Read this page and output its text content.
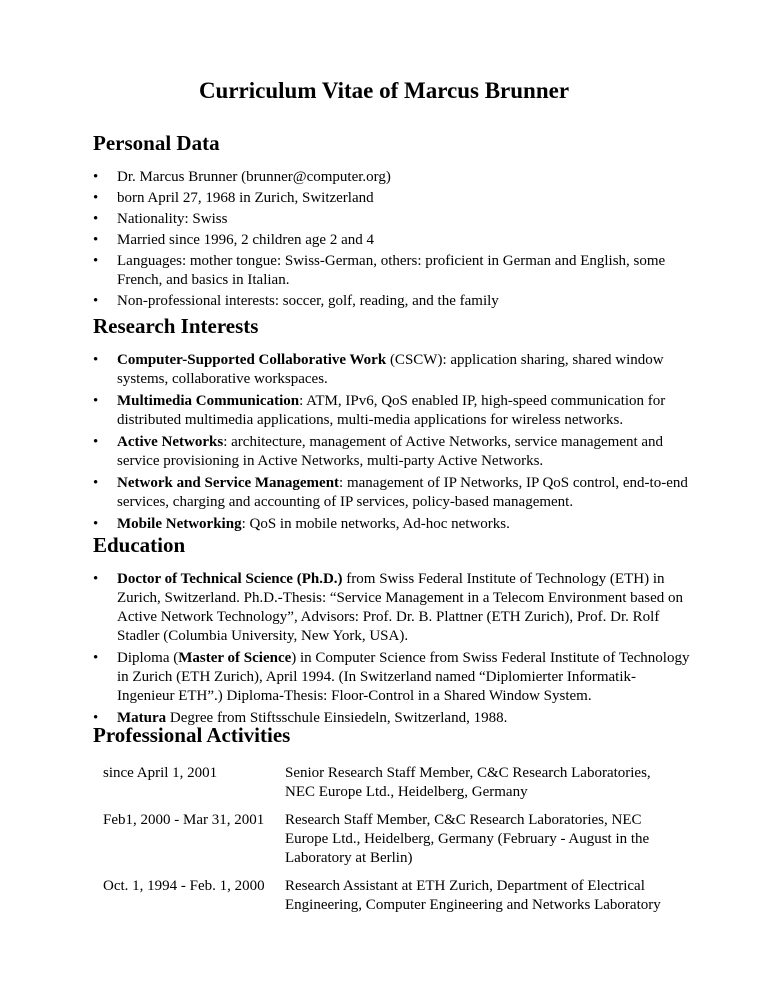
Curriculum Vitae of Marcus Brunner
Personal Data
•	Dr. Marcus Brunner (brunner@computer.org)
•	born April 27, 1968 in Zurich, Switzerland
•	Nationality: Swiss
•	Married since 1996, 2 children age 2 and 4
•	Languages: mother tongue: Swiss-German, others: proficient in German and English, some French, and basics in Italian.
•	Non-professional interests: soccer, golf, reading, and the family
Research Interests
•	Computer-Supported Collaborative Work (CSCW): application sharing, shared window systems, collaborative workspaces.
•	Multimedia Communication: ATM, IPv6, QoS enabled IP, high-speed communication for distributed multimedia applications, multi-media applications for wireless networks.
•	Active Networks: architecture, management of Active Networks, service management and service provisioning in Active Networks, multi-party Active Networks.
•	Network and Service Management: management of IP Networks, IP QoS control, end-to-end services, charging and accounting of IP services, policy-based management.
•	Mobile Networking: QoS in mobile networks, Ad-hoc networks.
Education
•	Doctor of Technical Science (Ph.D.) from Swiss Federal Institute of Technology (ETH) in Zurich, Switzerland. Ph.D.-Thesis: “Service Management in a Telecom Environment based on Active Network Technology”, Advisors: Prof. Dr. B. Plattner (ETH Zurich), Prof. Dr. Rolf Stadler (Columbia University, New York, USA).
•	Diploma (Master of Science) in Computer Science from Swiss Federal Institute of Technology in Zurich (ETH Zurich), April 1994. (In Switzerland named “Diplomierter Informatik-Ingenieur ETH”.) Diploma-Thesis: Floor-Control in a Shared Window System.
•	Matura Degree from Stiftsschule Einsiedeln, Switzerland, 1988.
Professional Activities
since April 1, 2001	Senior Research Staff Member, C&C Research Laboratories, NEC Europe Ltd., Heidelberg, Germany
Feb1, 2000 - Mar 31, 2001	Research Staff Member, C&C Research Laboratories, NEC Europe Ltd., Heidelberg, Germany (February - August in the Laboratory at Berlin)
Oct. 1, 1994 - Feb. 1, 2000	Research Assistant at ETH Zurich, Department of Electrical Engineering, Computer Engineering and Networks Laboratory
